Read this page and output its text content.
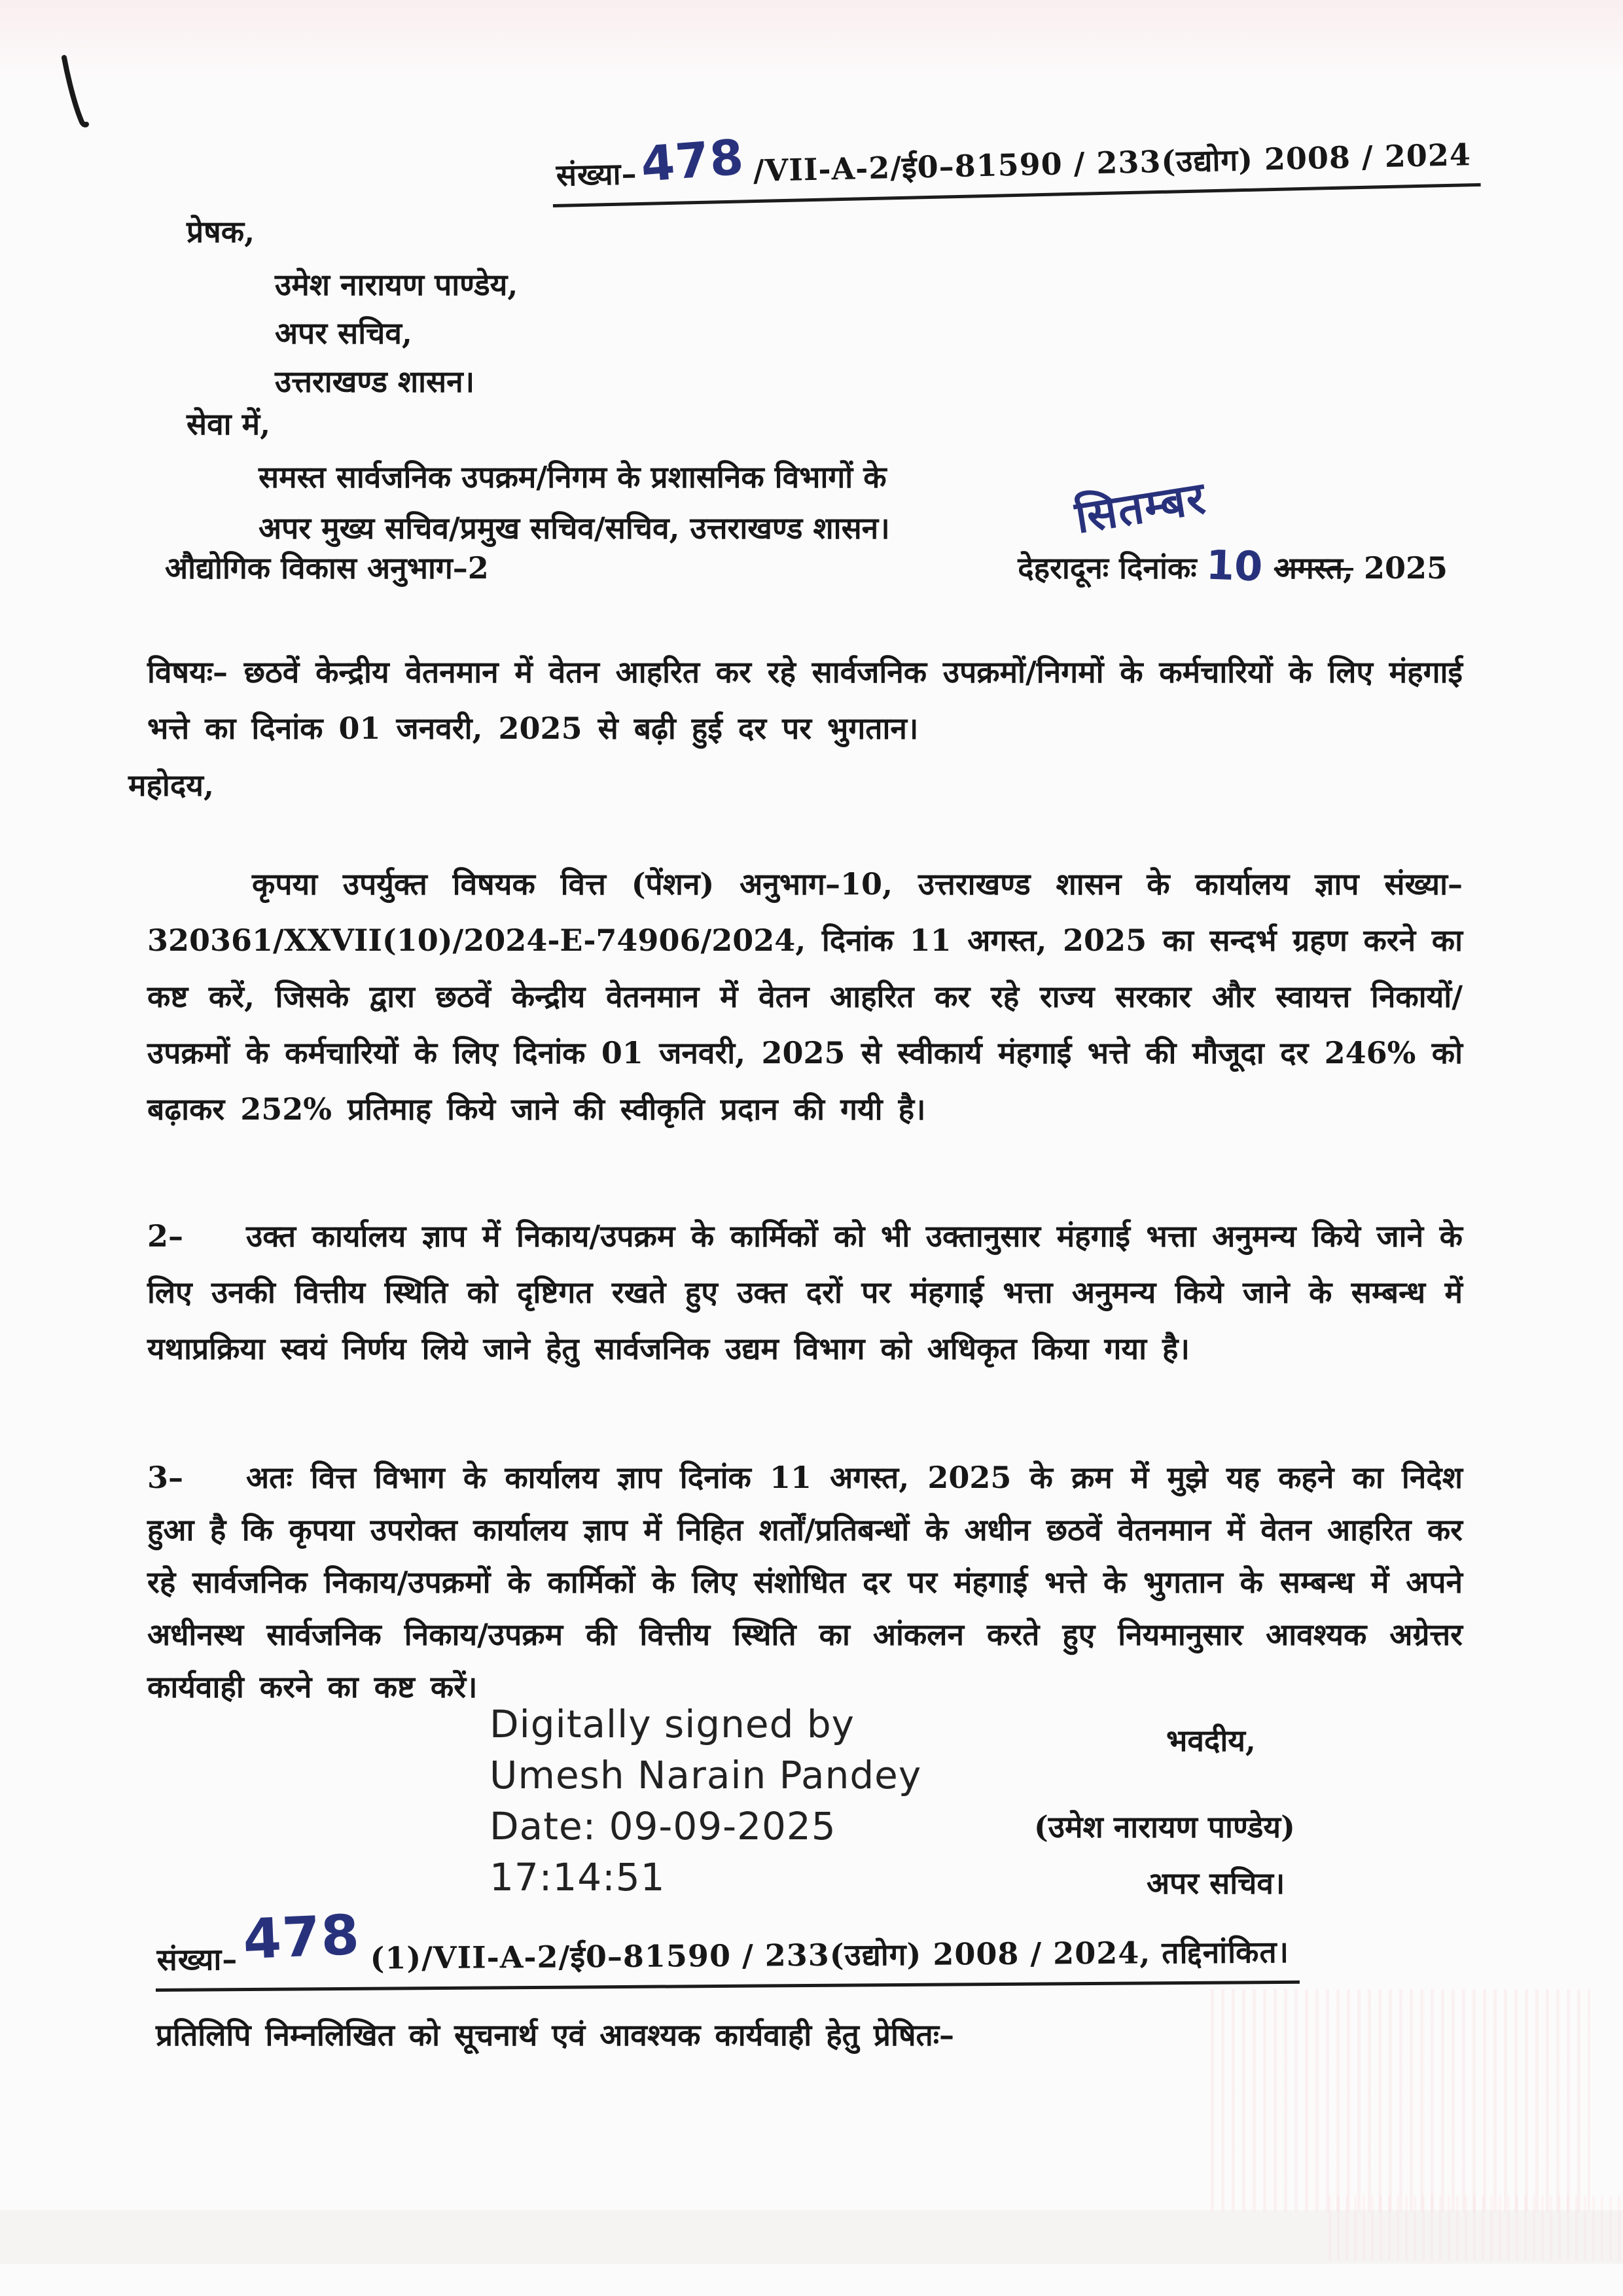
संख्या–478 /VII-A-2/ई0–81590 / 233(उद्योग) 2008 / 2024
प्रेषक,
उमेश नारायण पाण्डेय,
अपर सचिव,
उत्तराखण्ड शासन।
सेवा में,
समस्त सार्वजनिक उपक्रम/निगम के प्रशासनिक विभागों के
अपर मुख्य सचिव/प्रमुख सचिव/सचिव, उत्तराखण्ड शासन।	सितम्बर
औद्योगिक विकास अनुभाग–2	देहरादूनः दिनांकः 10 अगस्त, 2025

विषयः– छठवें केन्द्रीय वेतनमान में वेतन आहरित कर रहे सार्वजनिक उपक्रमों/निगमों के कर्मचारियों के लिए मंहगाई भत्ते का दिनांक 01 जनवरी, 2025 से बढ़ी हुई दर पर भुगतान।

महोदय,

कृपया उपर्युक्त विषयक वित्त (पेंशन) अनुभाग–10, उत्तराखण्ड शासन के कार्यालय ज्ञाप संख्या–320361/XXVII(10)/2024-E-74906/2024, दिनांक 11 अगस्त, 2025 का सन्दर्भ ग्रहण करने का कष्ट करें, जिसके द्वारा छठवें केन्द्रीय वेतनमान में वेतन आहरित कर रहे राज्य सरकार और स्वायत्त निकायों/उपक्रमों के कर्मचारियों के लिए दिनांक 01 जनवरी, 2025 से स्वीकार्य मंहगाई भत्ते की मौजूदा दर 246% को बढ़ाकर 252% प्रतिमाह किये जाने की स्वीकृति प्रदान की गयी है।

2– उक्त कार्यालय ज्ञाप में निकाय/उपक्रम के कार्मिकों को भी उक्तानुसार मंहगाई भत्ता अनुमन्य किये जाने के लिए उनकी वित्तीय स्थिति को दृष्टिगत रखते हुए उक्त दरों पर मंहगाई भत्ता अनुमन्य किये जाने के सम्बन्ध में यथाप्रक्रिया स्वयं निर्णय लिये जाने हेतु सार्वजनिक उद्यम विभाग को अधिकृत किया गया है।

3– अतः वित्त विभाग के कार्यालय ज्ञाप दिनांक 11 अगस्त, 2025 के क्रम में मुझे यह कहने का निदेश हुआ है कि कृपया उपरोक्त कार्यालय ज्ञाप में निहित शर्तों/प्रतिबन्धों के अधीन छठवें वेतनमान में वेतन आहरित कर रहे सार्वजनिक निकाय/उपक्रमों के कार्मिकों के लिए संशोधित दर पर मंहगाई भत्ते के भुगतान के सम्बन्ध में अपने अधीनस्थ सार्वजनिक निकाय/उपक्रम की वित्तीय स्थिति का आंकलन करते हुए नियमानुसार आवश्यक अग्रेत्तर कार्यवाही करने का कष्ट करें।

Digitally signed by
Umesh Narain Pandey
Date: 09-09-2025
17:14:51
भवदीय,
(उमेश नारायण पाण्डेय)
अपर सचिव।
संख्या–478 (1)/VII-A-2/ई0–81590 / 233(उद्योग) 2008 / 2024, तद्दिनांकित।
प्रतिलिपि निम्नलिखित को सूचनार्थ एवं आवश्यक कार्यवाही हेतु प्रेषितः–
